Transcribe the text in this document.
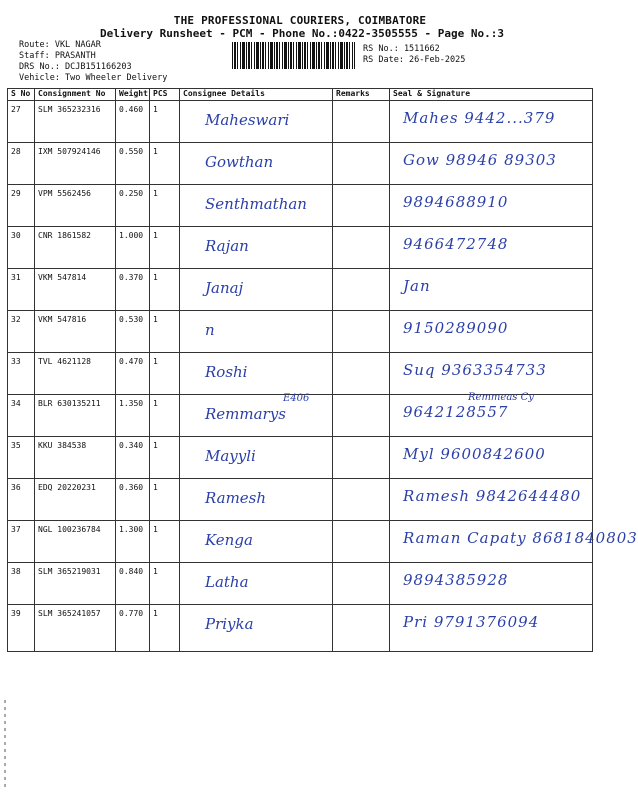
THE PROFESSIONAL COURIERS, COIMBATORE
Delivery Runsheet - PCM - Phone No.:0422-3505555 - Page No.:3
Route: VKL NAGAR
Staff: PRASANTH
DRS No.: DCJB151166203
Vehicle: Two Wheeler Delivery
RS No.: 1511662
RS Date: 26-Feb-2025
S No	Consignment No	Weight	PCS	Consignee Details	Remarks	Seal & Signature
27	SLM 365232316	0.460	1	Maheswari		Mahes 9442...379

28	IXM 507924146	0.550	1	Gowthan		Gow 98946 89303

29	VPM 5562456	0.250	1	Senthmathan		9894688910

30	CNR 1861582	1.000	1	Rajan		9466472748

31	VKM 547814	0.370	1	Janaj		Jan

32	VKM 547816	0.530	1	n		9150289090

33	TVL 4621128	0.470	1	Roshi		Suq 9363354733

34	BLR 630135211	1.350	1	Remmarys		9642128557

35	KKU 384538	0.340	1	Mayyli		Myl 9600842600

36	EDQ 20220231	0.360	1	Ramesh		Ramesh 9842644480

37	NGL 100236784	1.300	1	Kenga		Raman Capaty 8681840803

38	SLM 365219031	0.840	1	Latha		9894385928

39	SLM 365241057	0.770	1	Priyka		Pri 9791376094
E406	Remmeas Cy
